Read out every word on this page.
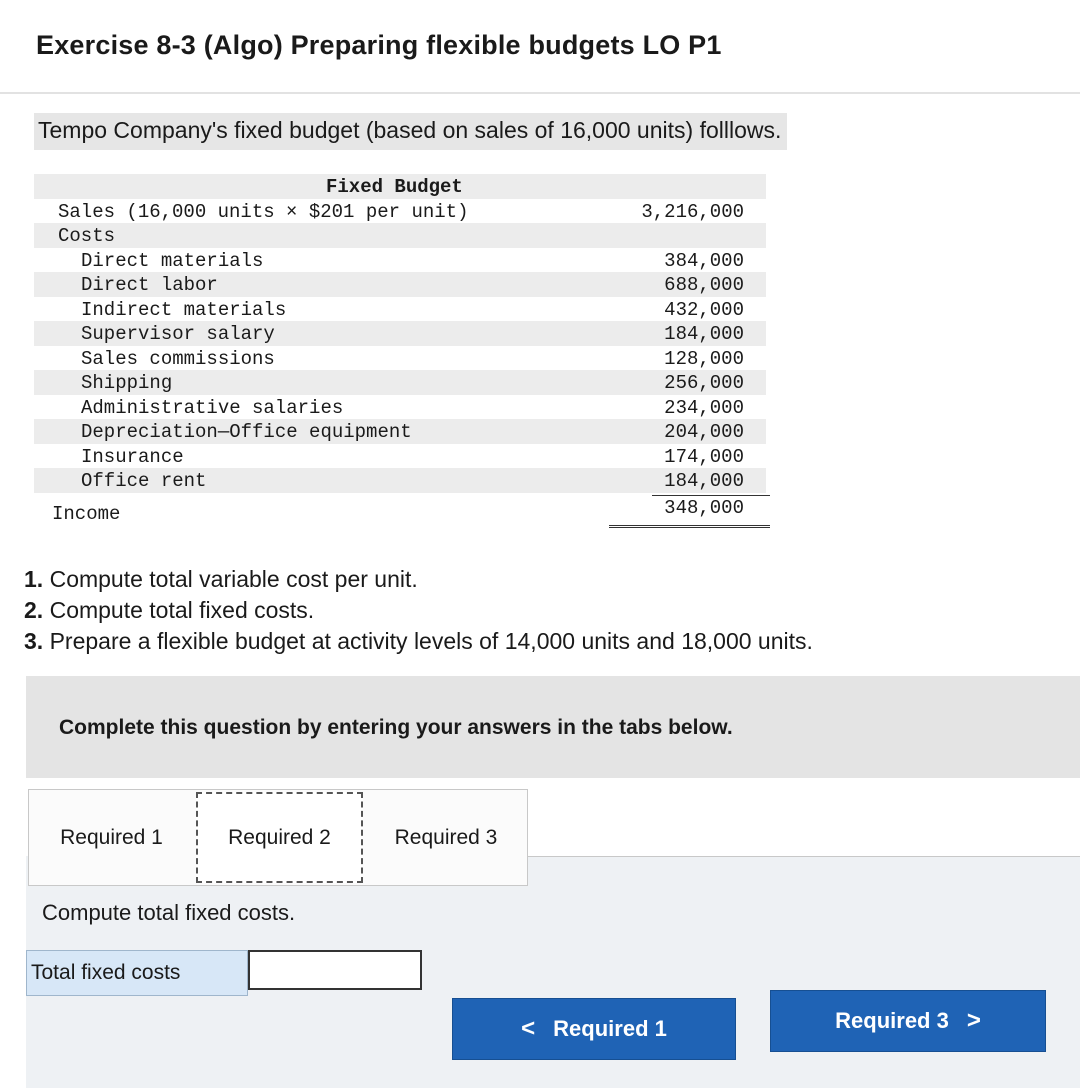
Exercise 8-3 (Algo) Preparing flexible budgets LO P1
Tempo Company's fixed budget (based on sales of 16,000 units) folllows.
Fixed Budget
Sales (16,000 units × $201 per unit)	3,216,000
Costs
Direct materials	384,000
Direct labor	688,000
Indirect materials	432,000
Supervisor salary	184,000
Sales commissions	128,000
Shipping	256,000
Administrative salaries	234,000
Depreciation—Office equipment	204,000
Insurance	174,000
Office rent	184,000
Income	348,000
1. Compute total variable cost per unit.
2. Compute total fixed costs.
3. Prepare a flexible budget at activity levels of 14,000 units and 18,000 units.
Complete this question by entering your answers in the tabs below.
Compute total fixed costs.
Total fixed costs
Required 1	Required 2	Required 3
< Required 1	Required 3 >
